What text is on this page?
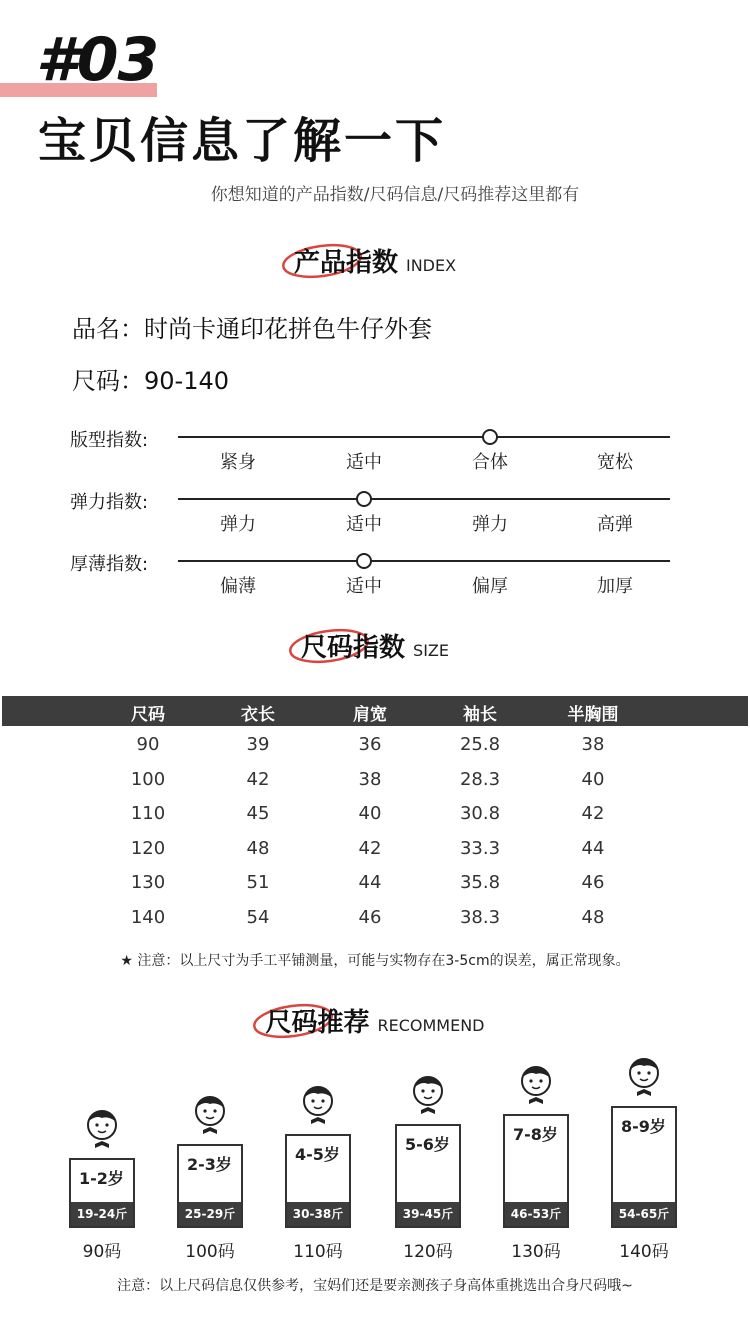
#03
宝贝信息了解一下
你想知道的产品指数/尺码信息/尺码推荐这里都有
产品指数 INDEX
品名：时尚卡通印花拼色牛仔外套
尺码：90-140
版型指数:
紧身	适中	合体	宽松
弹力指数:
弹力	适中	弹力	高弹
厚薄指数:
偏薄	适中	偏厚	加厚
尺码指数 SIZE
尺码	衣长	肩宽	袖长	半胸围
90	39	36	25.8	38
100	42	38	28.3	40
110	45	40	30.8	42
120	48	42	33.3	44
130	51	44	35.8	46
140	54	46	38.3	48
★ 注意：以上尺寸为手工平铺测量，可能与实物存在3-5cm的误差，属正常现象。
尺码推荐 RECOMMEND
1-2岁
19-24斤
90码
2-3岁
25-29斤
100码
4-5岁
30-38斤
110码
5-6岁
39-45斤
120码
7-8岁
46-53斤
130码
8-9岁
54-65斤
140码
注意：以上尺码信息仅供参考，宝妈们还是要亲测孩子身高体重挑选出合身尺码哦~
